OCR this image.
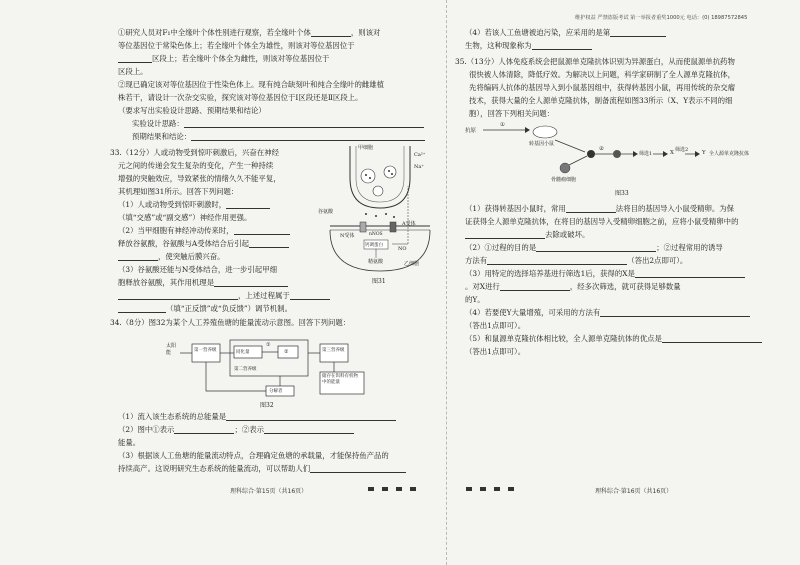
①研究人员对F₁中全缘叶个体性别进行观察，若全缘叶个体	，则该对
等位基因位于常染色体上；若全缘叶个体全为雄性，则该对等位基因位于
区段上；若全缘叶个体全为雌性，则该对等位基因位于
区段上。
②现已确定该对等位基因位于性染色体上。现有纯合缺刻叶和纯合全缘叶的雌雄植
株若干，请设计一次杂交实验，探究该对等位基因位于Ⅰ区段还是Ⅱ区段上。
（要求写出实验设计思路、预期结果和结论）
实验设计思路：
预期结果和结论：
33.（12分）人或动物受到惊吓刺激后，兴奋在神经
元之间的传递会发生复杂的变化，产生一种持续
增强的突触效应，导致紧张的情绪久久不能平复，
其机理如图31所示。回答下列问题：
（1）人或动物受到惊吓刺激时，
（填“交感”或“副交感”）神经作用更强。
（2）当甲细胞有神经冲动传来时，
释放谷氨酸，谷氨酸与A受体结合后引起
，使突触后膜兴奋。
（3）谷氨酸还能与N受体结合，进一步引起甲细
胞释放谷氨酸，其作用机理是
，上述过程属于
（填“正反馈”或“负反馈”）调节机制。
甲细胞
Ca²⁺
Na⁺
谷氨酸
A受体
N受体	nNOS
钙调蛋白
NO
精氨酸	乙细胞
图31
34.（8分）图32为某个人工养殖鱼塘的能量流动示意图。回答下列问题：
太阳能	第一营养级	同化量
①
②
第二营养级
第三营养级
分解者
储存在饵料有机物中的能量
图32
（1）流入该生态系统的总能量是
（2）图中①表示	；②表示
能量。
（3）根据该人工鱼塘的能量流动特点，合理确定鱼塘的承载量，才能保持鱼产品的
持续高产。这说明研究生态系统的能量流动，可以帮助人们
理科综合·第15页（共16页）
维护权益 严禁盗版考试 第一举报者重奖1000元 电话：(0) 18987572845
（4）若该人工鱼塘被迫污染，应采用的是第
生物，这种现象称为
35.（13分）人体免疫系统会把鼠源单克隆抗体识别为异源蛋白，从而使鼠源单抗药物
很快被人体清除，降低疗效。为解决以上问题，科学家研制了全人源单克隆抗体，
先将编码人抗体的基因导入到小鼠基因组中，获得转基因小鼠，再用传统的杂交瘤
技术，获得大量的全人源单克隆抗体，制备流程如图33所示（X、Y表示不同的细
胞），回答下列相关问题：
抗原
①
转基因小鼠
骨髓瘤细胞
②
筛选1	X 筛选2	Y 全人源单克隆抗体
图33
（1）获得转基因小鼠时，常用	法将目的基因导入小鼠受精卵。为保
证获得全人源单克隆抗体，在将目的基因导入受精卵细胞之前，应将小鼠受精卵中的
去除或破坏。
（2）①过程的目的是	；②过程常用的诱导
方法有	（答出2点即可）。
（3）用特定的选择培养基进行筛选1后，获得的X是
。对X进行	，经多次筛选，就可获得足够数量
的Y。
（4）若要使Y大量增殖，可采用的方法有
（答出1点即可）。
（5）和鼠源单克隆抗体相比较，全人源单克隆抗体的优点是
（答出1点即可）。
理科综合·第16页（共16页）
